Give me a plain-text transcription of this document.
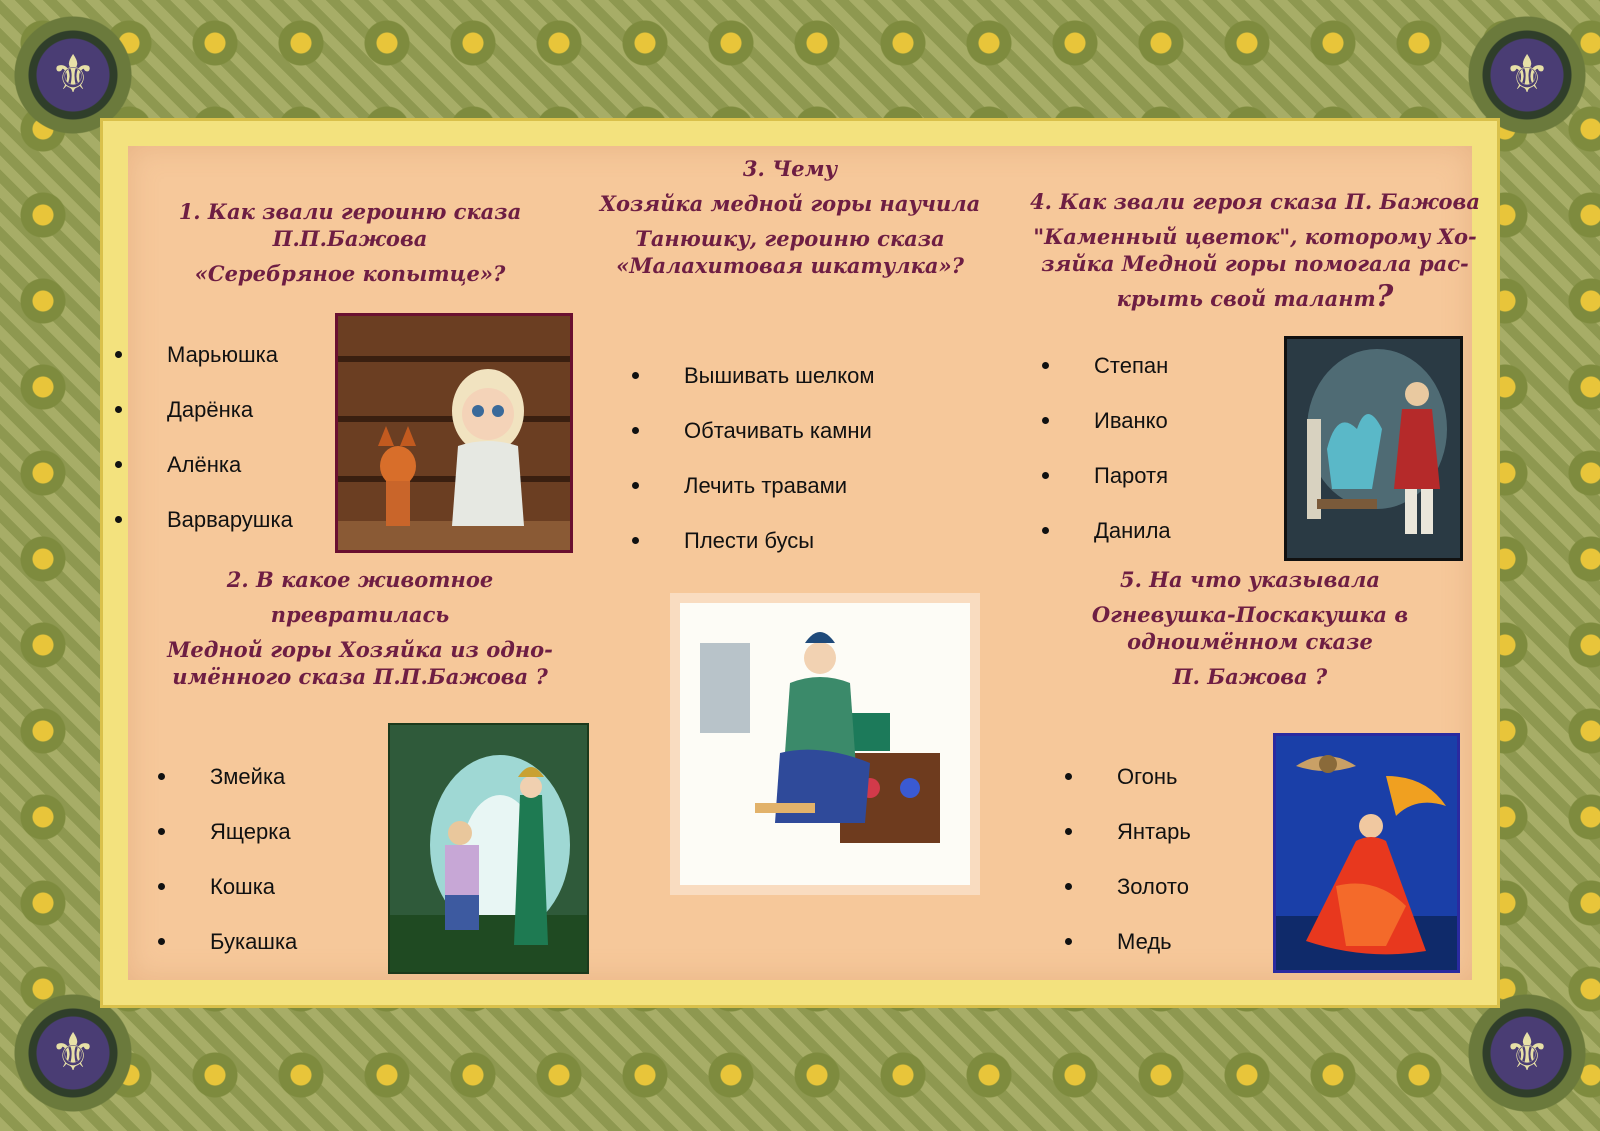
⚜	⚜
⚜	⚜
1. Как звали героиню сказа
П.П.Бажова
«Серебряное копытце»?
Марьюшка
Дарёнка
Алёнка
Варварушка
2. В какое животное
превратилась
Медной горы Хозяйка из одно-
имённого сказа П.П.Бажова ?
Змейка
Ящерка
Кошка
Букашка
3. Чему
Хозяйка медной горы научила
Танюшку, героиню сказа
«Малахитовая шкатулка»?
Вышивать шелком
Обтачивать камни
Лечить травами
Плести бусы
4. Как звали героя сказа П. Бажова
"Каменный цветок", которому Хо-
зяйка Медной горы помогала рас-
крыть свой талант?
Степан
Иванко
Паротя
Данила
5. На что указывала
Огневушка-Поскакушка в
одноимённом сказе
П. Бажова ?
Огонь
Янтарь
Золото
Медь
